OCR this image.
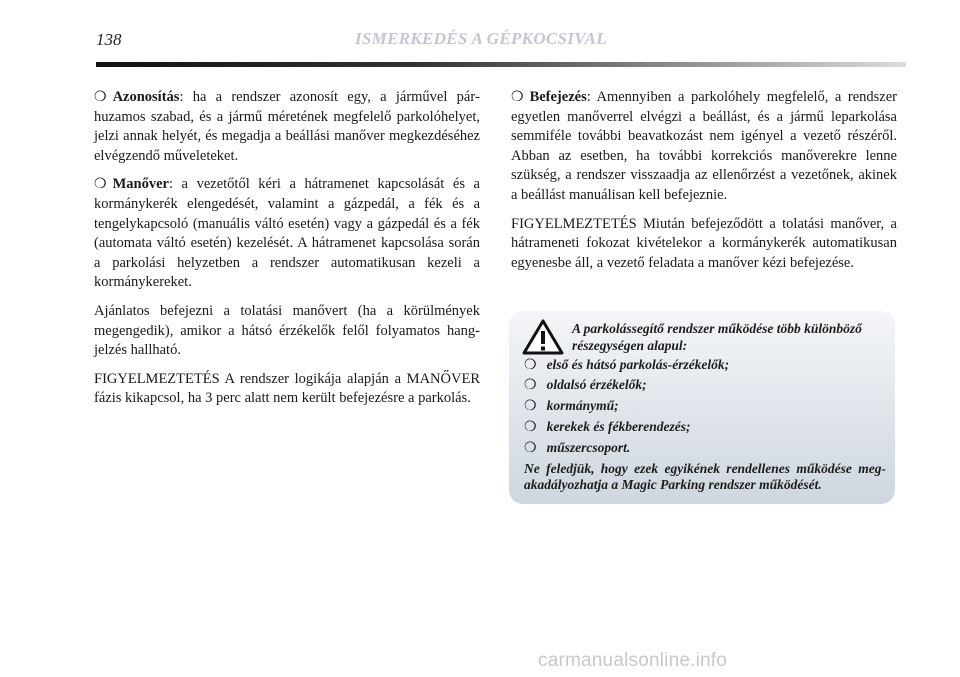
138	ISMERKEDÉS A GÉPKOCSIVAL

❍ Azonosítás: ha a rendszer azonosít egy, a járművel párhuzamos szabad, és a jármű méretének megfelelő parkolóhelyet, jelzi annak helyét, és megadja a beállási manőver megkezdéséhez elvégzendő műveleteket.

❍ Manőver: a vezetőtől kéri a hátramenet kapcsolását és a kormánykerék elengedését, valamint a gázpedál, a fék és a tengelykapcsoló (manuális váltó esetén) vagy a gázpedál és a fék (automata váltó esetén) kezelését. A hátramenet kapcsolása során a parkolási helyzetben a rendszer automatikusan kezeli a kormánykereket.

Ajánlatos befejezni a tolatási manővert (ha a körülmények megengedik), amikor a hátsó érzékelők felől folyamatos hangjelzés hallható.

FIGYELMEZTETÉS A rendszer logikája alapján a MANŐVER fázis kikapcsol, ha 3 perc alatt nem került befejezésre a parkolás.

❍ Befejezés: Amennyiben a parkolóhely megfelelő, a rendszer egyetlen manőverrel elvégzi a beállást, és a jármű leparkolása semmiféle további beavatkozást nem igényel a vezető részéről. Abban az esetben, ha további korrekciós manőverekre lenne szükség, a rendszer visszaadja az ellenőrzést a vezetőnek, akinek a beállást manuálisan kell befejeznie.

FIGYELMEZTETÉS Miután befejeződött a tolatási manőver, a hátrameneti fokozat kivételekor a kormánykerék automatikusan egyenesbe áll, a vezető feladata a manőver kézi befejezése.

A parkolássegítő rendszer működése több különböző részegységen alapul:

❍ első és hátsó parkolás-érzékelők;
❍ oldalsó érzékelők;
❍ kormánymű;
❍ kerekek és fékberendezés;
❍ műszercsoport.

Ne feledjük, hogy ezek egyikének rendellenes működése megakadályozhatja a Magic Parking rendszer működését.

carmanualsonline.info
